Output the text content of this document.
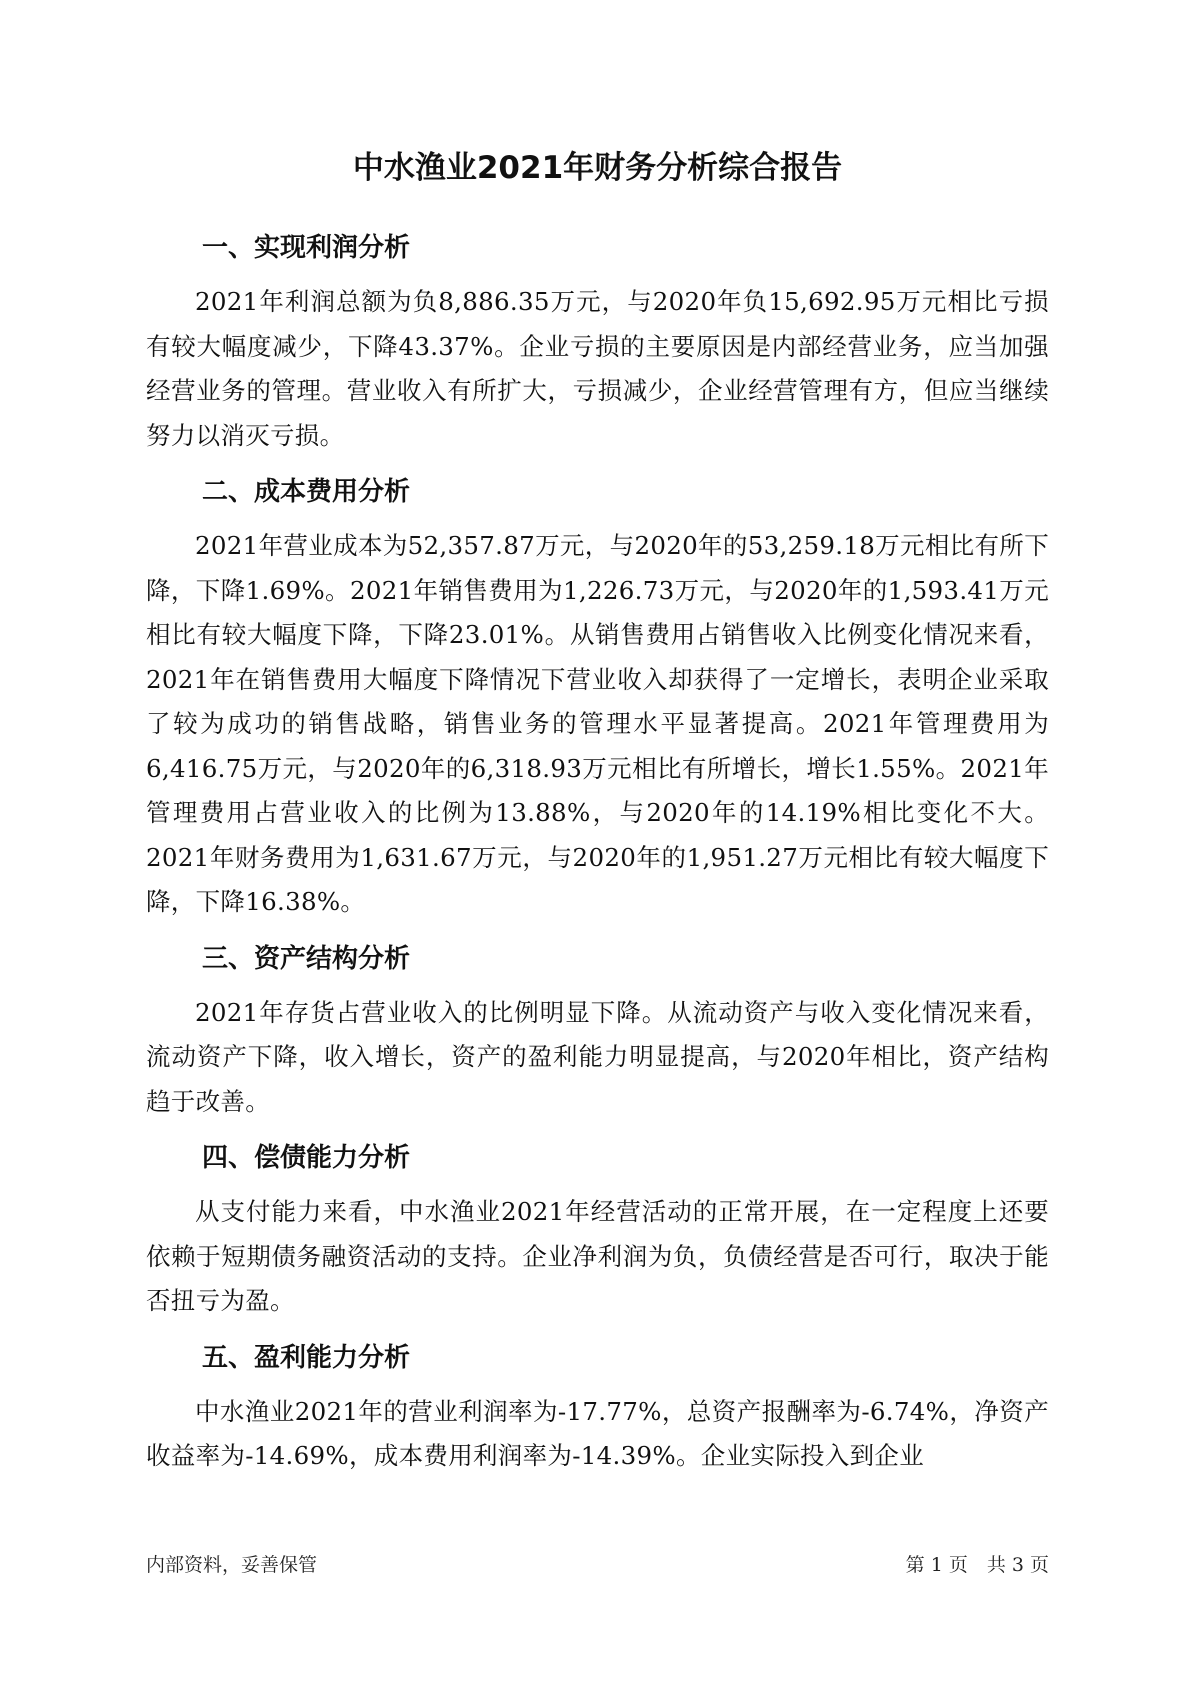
中水渔业2021年财务分析综合报告
一、实现利润分析

2021年利润总额为负8,886.35万元，与2020年负15,692.95万元相比亏损有较大幅度减少，下降43.37%。企业亏损的主要原因是内部经营业务，应当加强经营业务的管理。营业收入有所扩大，亏损减少，企业经营管理有方，但应当继续努力以消灭亏损。

二、成本费用分析

2021年营业成本为52,357.87万元，与2020年的53,259.18万元相比有所下降，下降1.69%。2021年销售费用为1,226.73万元，与2020年的1,593.41万元相比有较大幅度下降，下降23.01%。从销售费用占销售收入比例变化情况来看，2021年在销售费用大幅度下降情况下营业收入却获得了一定增长，表明企业采取了较为成功的销售战略，销售业务的管理水平显著提高。2021年管理费用为6,416.75万元，与2020年的6,318.93万元相比有所增长，增长1.55%。2021年管理费用占营业收入的比例为13.88%，与2020年的14.19%相比变化不大。2021年财务费用为1,631.67万元，与2020年的1,951.27万元相比有较大幅度下降，下降16.38%。

三、资产结构分析

2021年存货占营业收入的比例明显下降。从流动资产与收入变化情况来看，流动资产下降，收入增长，资产的盈利能力明显提高，与2020年相比，资产结构趋于改善。

四、偿债能力分析

从支付能力来看，中水渔业2021年经营活动的正常开展，在一定程度上还要依赖于短期债务融资活动的支持。企业净利润为负，负债经营是否可行，取决于能否扭亏为盈。

五、盈利能力分析

中水渔业2021年的营业利润率为-17.77%，总资产报酬率为-6.74%，净资产收益率为-14.69%，成本费用利润率为-14.39%。企业实际投入到企业

内部资料，妥善保管	第 1 页　共 3 页
